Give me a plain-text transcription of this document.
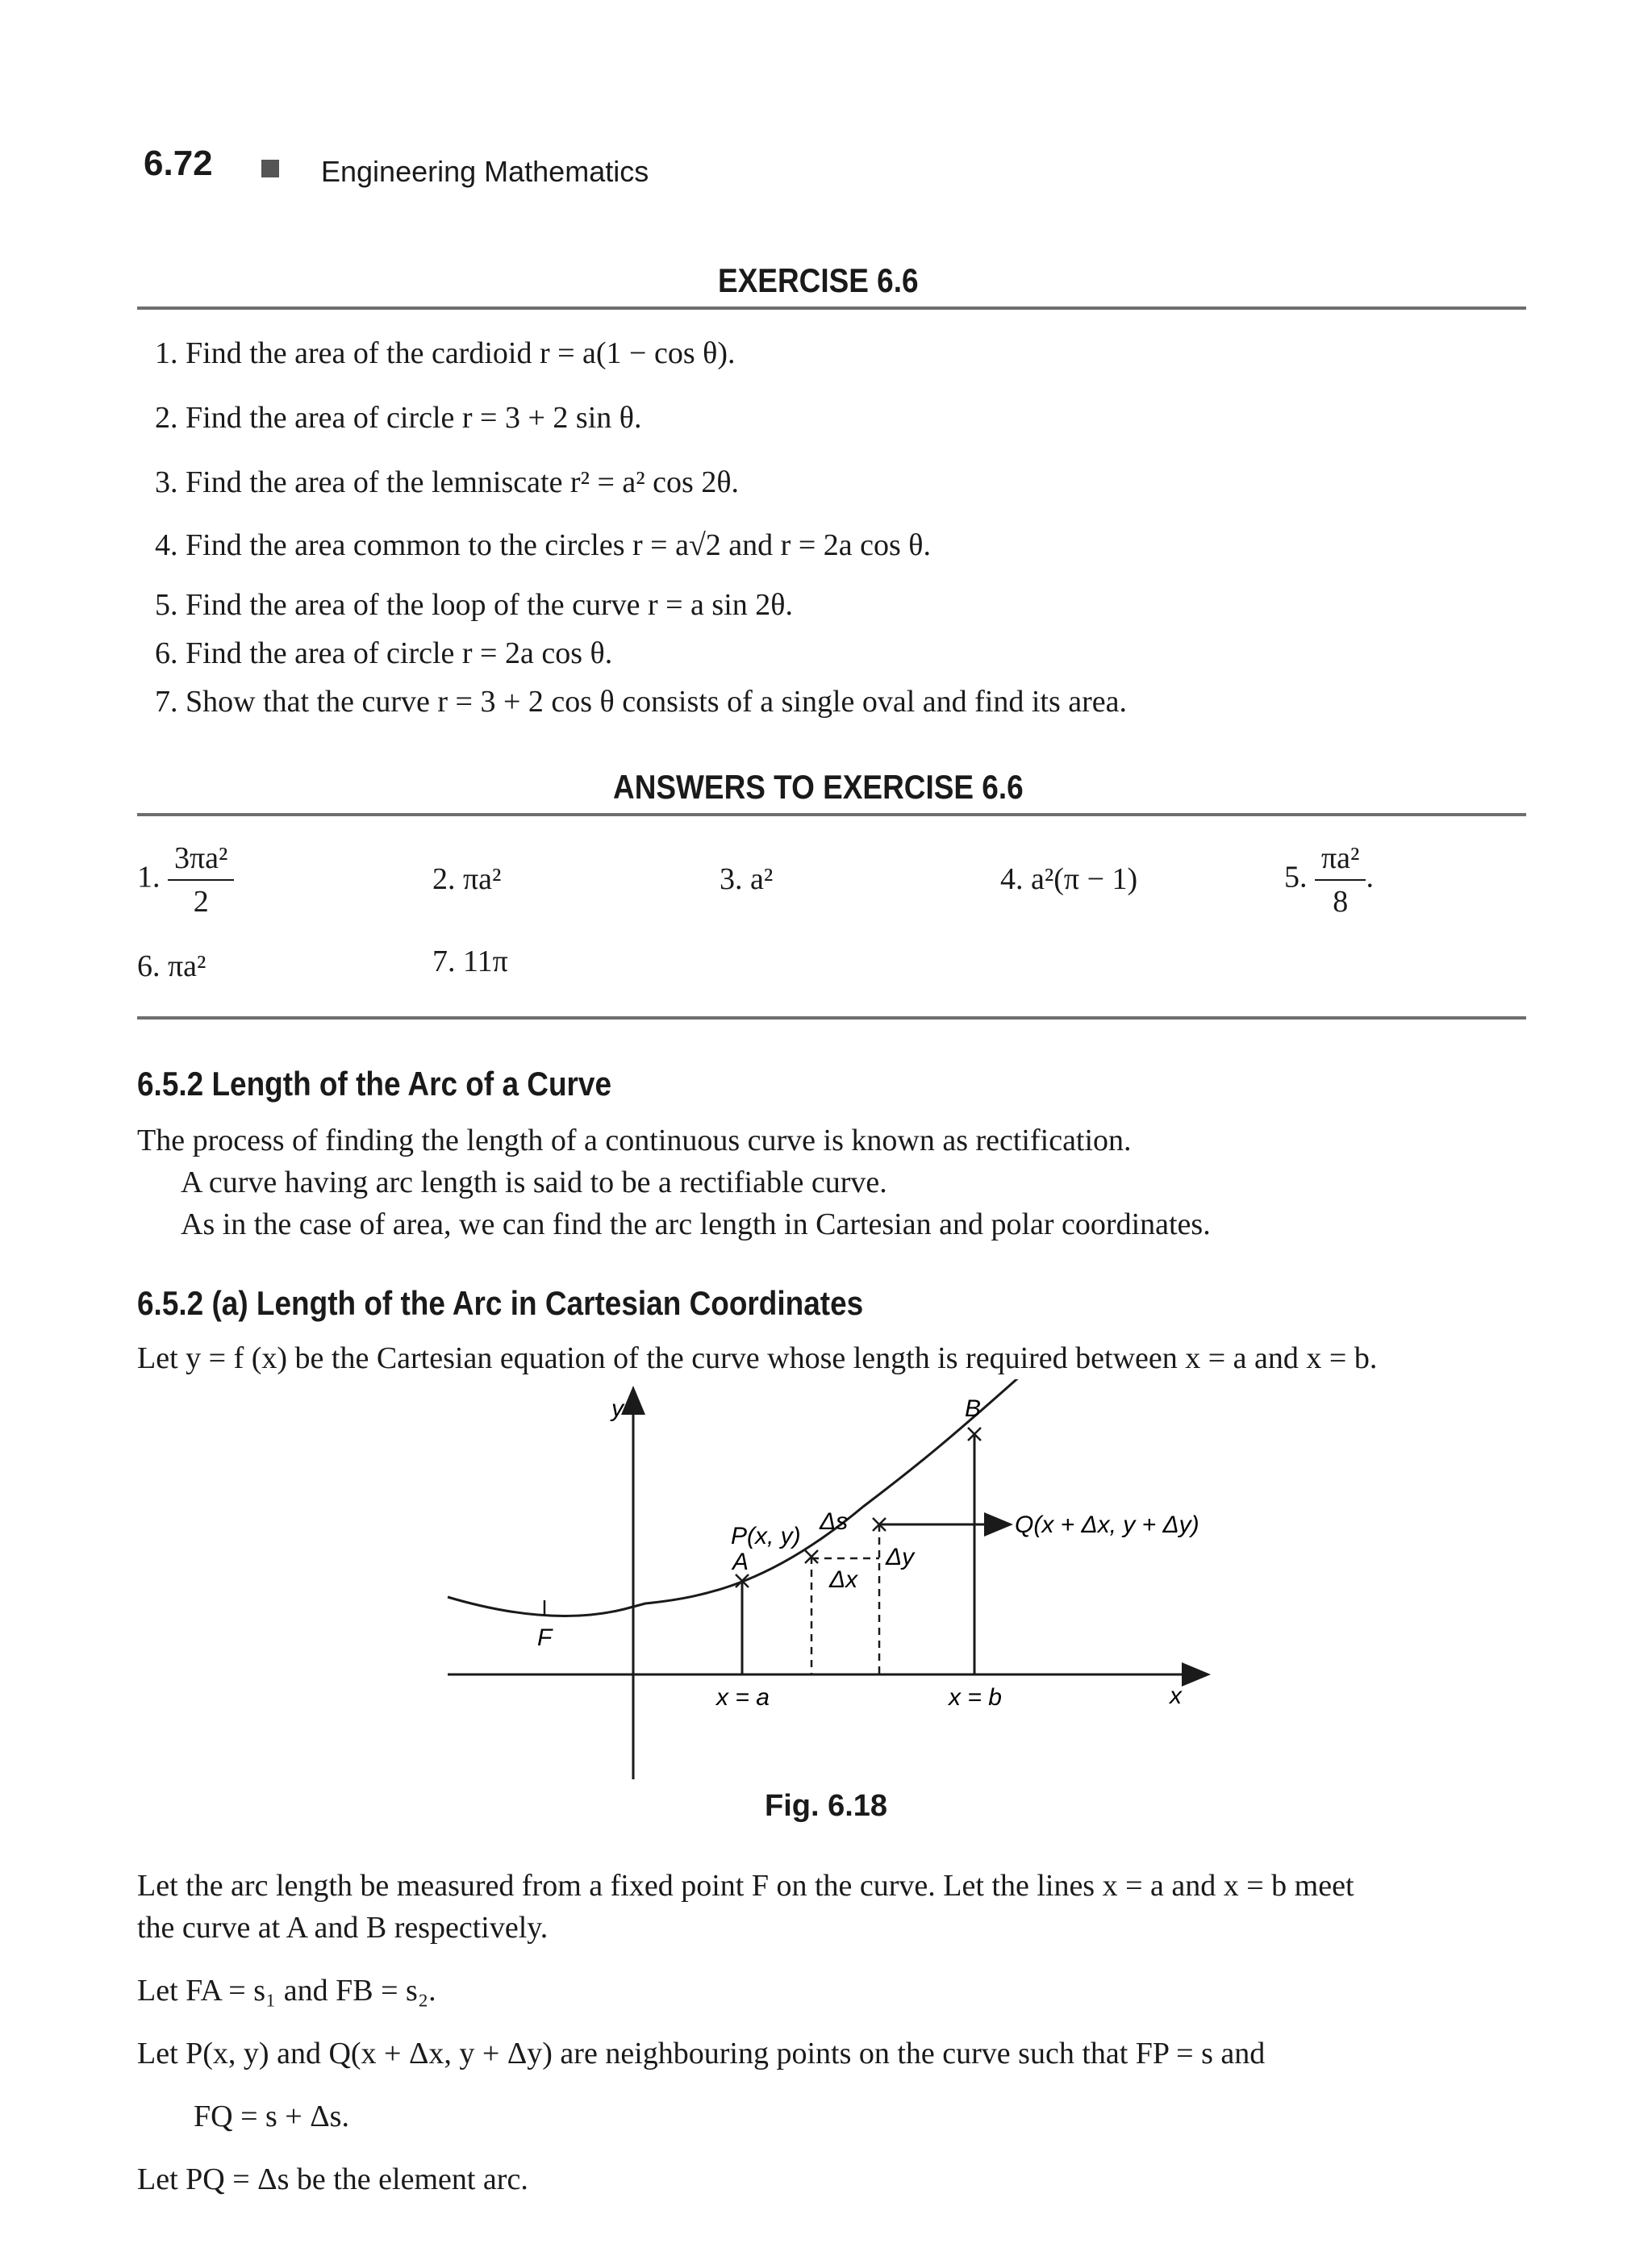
6.72	Engineering Mathematics
EXERCISE 6.6
1. Find the area of the cardioid r = a(1 − cos θ).
2. Find the area of circle r = 3 + 2 sin θ.
3. Find the area of the lemniscate r² = a² cos 2θ.
4. Find the area common to the circles r = a√2 and r = 2a cos θ.
5. Find the area of the loop of the curve r = a sin 2θ.
6. Find the area of circle r = 2a cos θ.
7. Show that the curve r = 3 + 2 cos θ consists of a single oval and find its area.
ANSWERS TO EXERCISE 6.6
1. $\frac{\text{3πa²}}{2}$	2. πa²	3. a²	4. a²(π − 1)	5. $\frac{\text{πa²}}{8}$ .
6. πa²	7. 11π
6.5.2 Length of the Arc of a Curve
The process of finding the length of a continuous curve is known as rectification.
A curve having arc length is said to be a rectifiable curve.
As in the case of area, we can find the arc length in Cartesian and polar coordinates.
6.5.2 (a) Length of the Arc in Cartesian Coordinates
Let y = f (x) be the Cartesian equation of the curve whose length is required between x = a and x = b.
y
x
B
A
F
P(x, y)
Δs
Δx
Δy
Q(x + Δx, y + Δy)
x = a	x = b
Fig. 6.18
Let the arc length be measured from a fixed point F on the curve. Let the lines x = a and x = b meet
the curve at A and B respectively.
Let FA = s₁ and FB = s₂.
Let P(x, y) and Q(x + Δx, y + Δy) are neighbouring points on the curve such that FP = s and
FQ = s + Δs.
Let PQ = Δs be the element arc.
